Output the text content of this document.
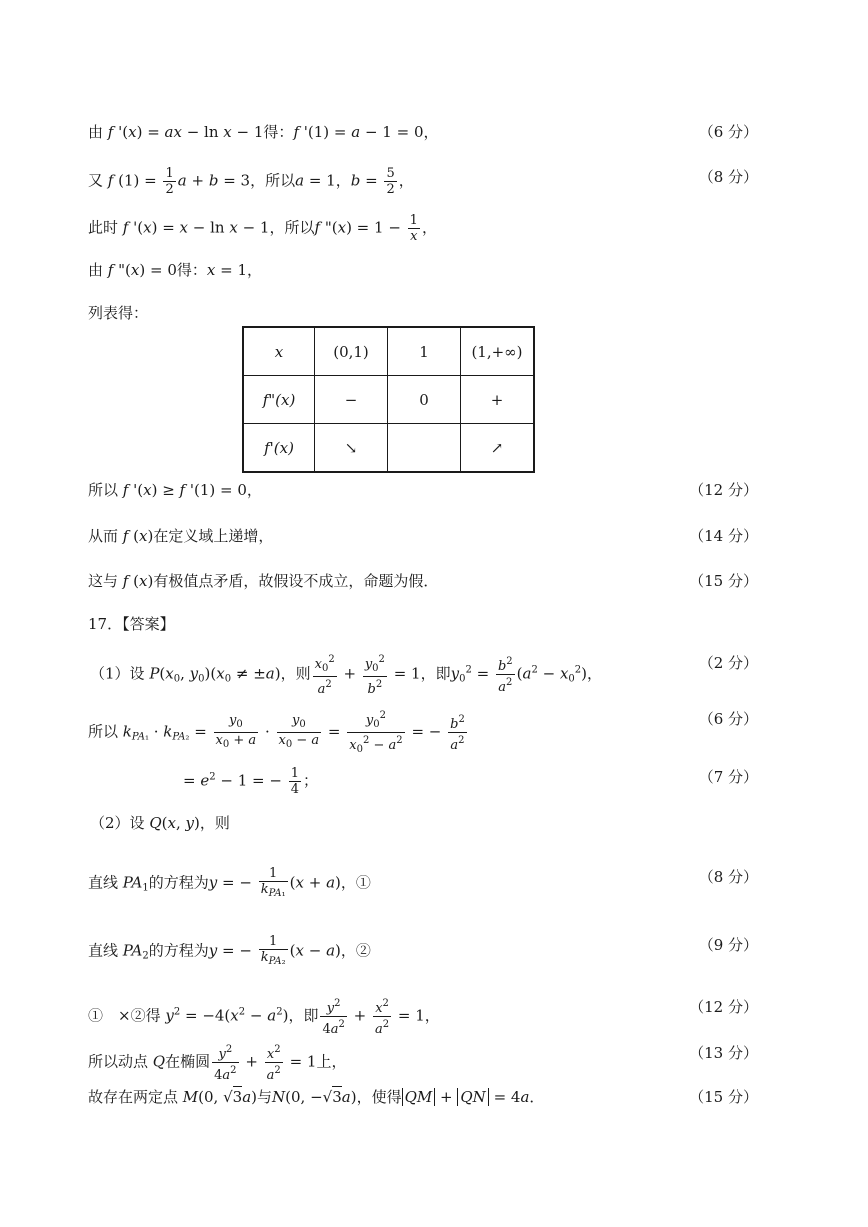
由 f '(x) = ax − ln x − 1得：f '(1) = a − 1 = 0，	（6 分）
又 f $(1) = \frac{1}{2}$ a + b = 3，所以a = 1，$b = \frac{5}{2}$ ，	（8 分）
此时 f '(x) = x − ln x − 1，所以f "$(x) = 1 - \frac{1}{x}$ ，
由 f "(x) = 0得：x = 1，
列表得：
x	(0,1)	1	(1,+∞)
f"(x)	−	0	+
f'(x)	↘		↗
所以 f '(x) ≥ f '(1) = 0，	（12 分）
从而 f (x)在定义域上递增，	（14 分）
这与 f (x)有极值点矛盾，故假设不成立，命题为假．	（15 分）
17．【答案】
（1）设 $P(x_0$, $y_0)(x_0 \ne \pm a)$，则 $\frac{x_0^2}{a^2} + \frac{y_0^2}{b^2} = 1$，即$y_0^2 = \frac{b^2}{a^2} (a^2 - x_0^2)$，
（2 分）
所以 $k_{PA_1} \cdot k_{PA_2} = \frac{y_0}{x_0 + a} \cdot \frac{y_0}{x_0 - a} = \frac{y_0^2}{x_0^2 - a^2}$ = − $\frac{b^2}{a^2}$	（6 分）
= $e^2 - 1$ = − $\frac{1}{4}$ ；	（7 分）
（2）设 Q(x, y)，则
直线 $PA_1$的方程为y = − $\frac{1}{k_{PA_1}} (x + a)$，①	（8 分）
直线 $PA_2$的方程为y = − $\frac{1}{k_{PA_2}} (x - a)$，②	（9 分）
①　×②得 $y^2 = -4(x^2 - a^2)$，即 $\frac{y^2}{4a^2} + \frac{x^2}{a^2} = 1$，	（12 分）
所以动点 Q在椭圆 $\frac{y^2}{4a^2} + \frac{x^2}{a^2} = 1$上，	（13 分）
故存在两定点 M(0, √3a)与N(0, −√3a)，使得 QM + QN = 4a．	（15 分）
